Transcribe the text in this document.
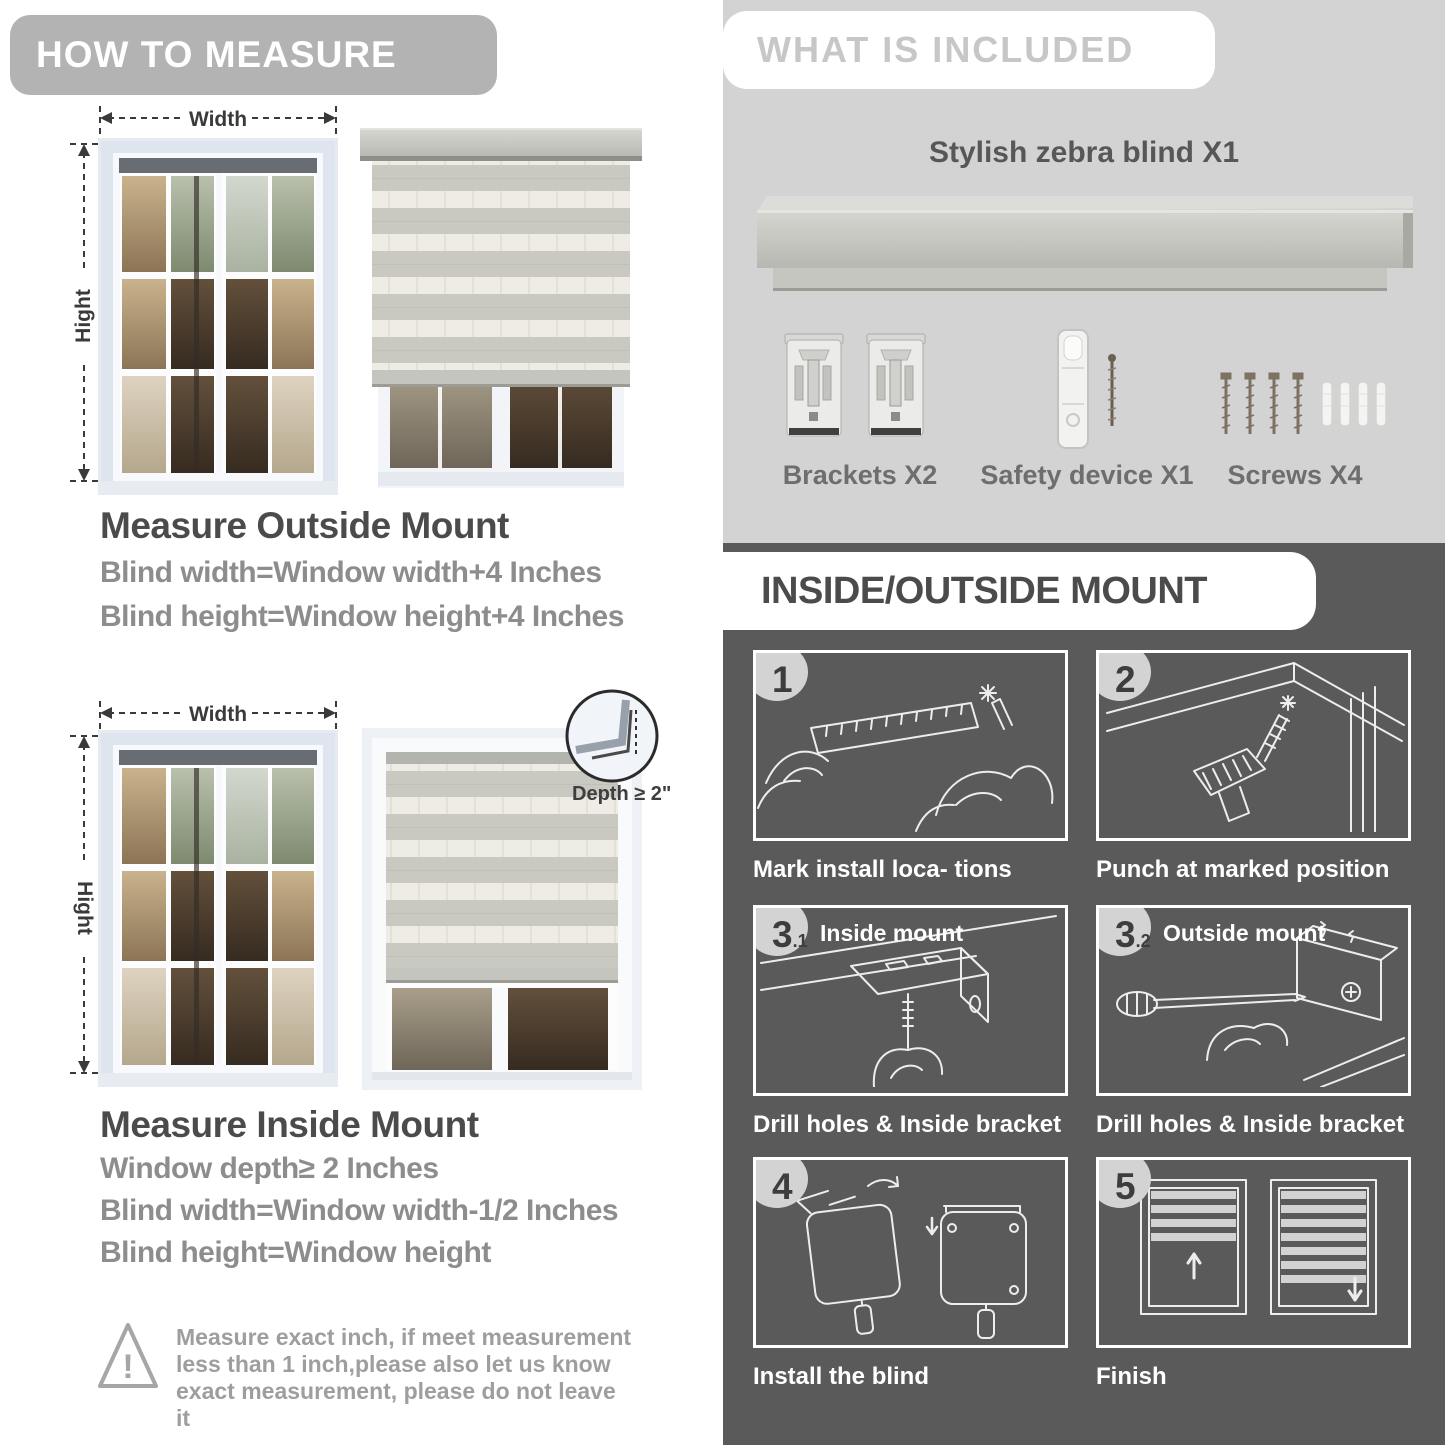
HOW TO MEASURE
Width
Hight
Measure Outside Mount
Blind width=Window width+4 Inches
Blind height=Window height+4 Inches
Width
Hight
Depth ≥ 2"
Measure Inside Mount
Window depth≥ 2 Inches
Blind width=Window width-1/2 Inches
Blind height=Window height
!
Measure exact inch, if meet measurement less than 1 inch,please also let us know exact measurement, please do not leave it
WHAT IS INCLUDED
Stylish zebra blind X1
Brackets X2	Safety device X1 Screws X4
INSIDE/OUTSIDE MOUNT
1
Mark install loca- tions
2
Punch at marked position
3.1 Inside mount
Drill holes & Inside bracket
3.2 Outside mount
Drill holes & Inside bracket
4
Install the blind
5
Finish
